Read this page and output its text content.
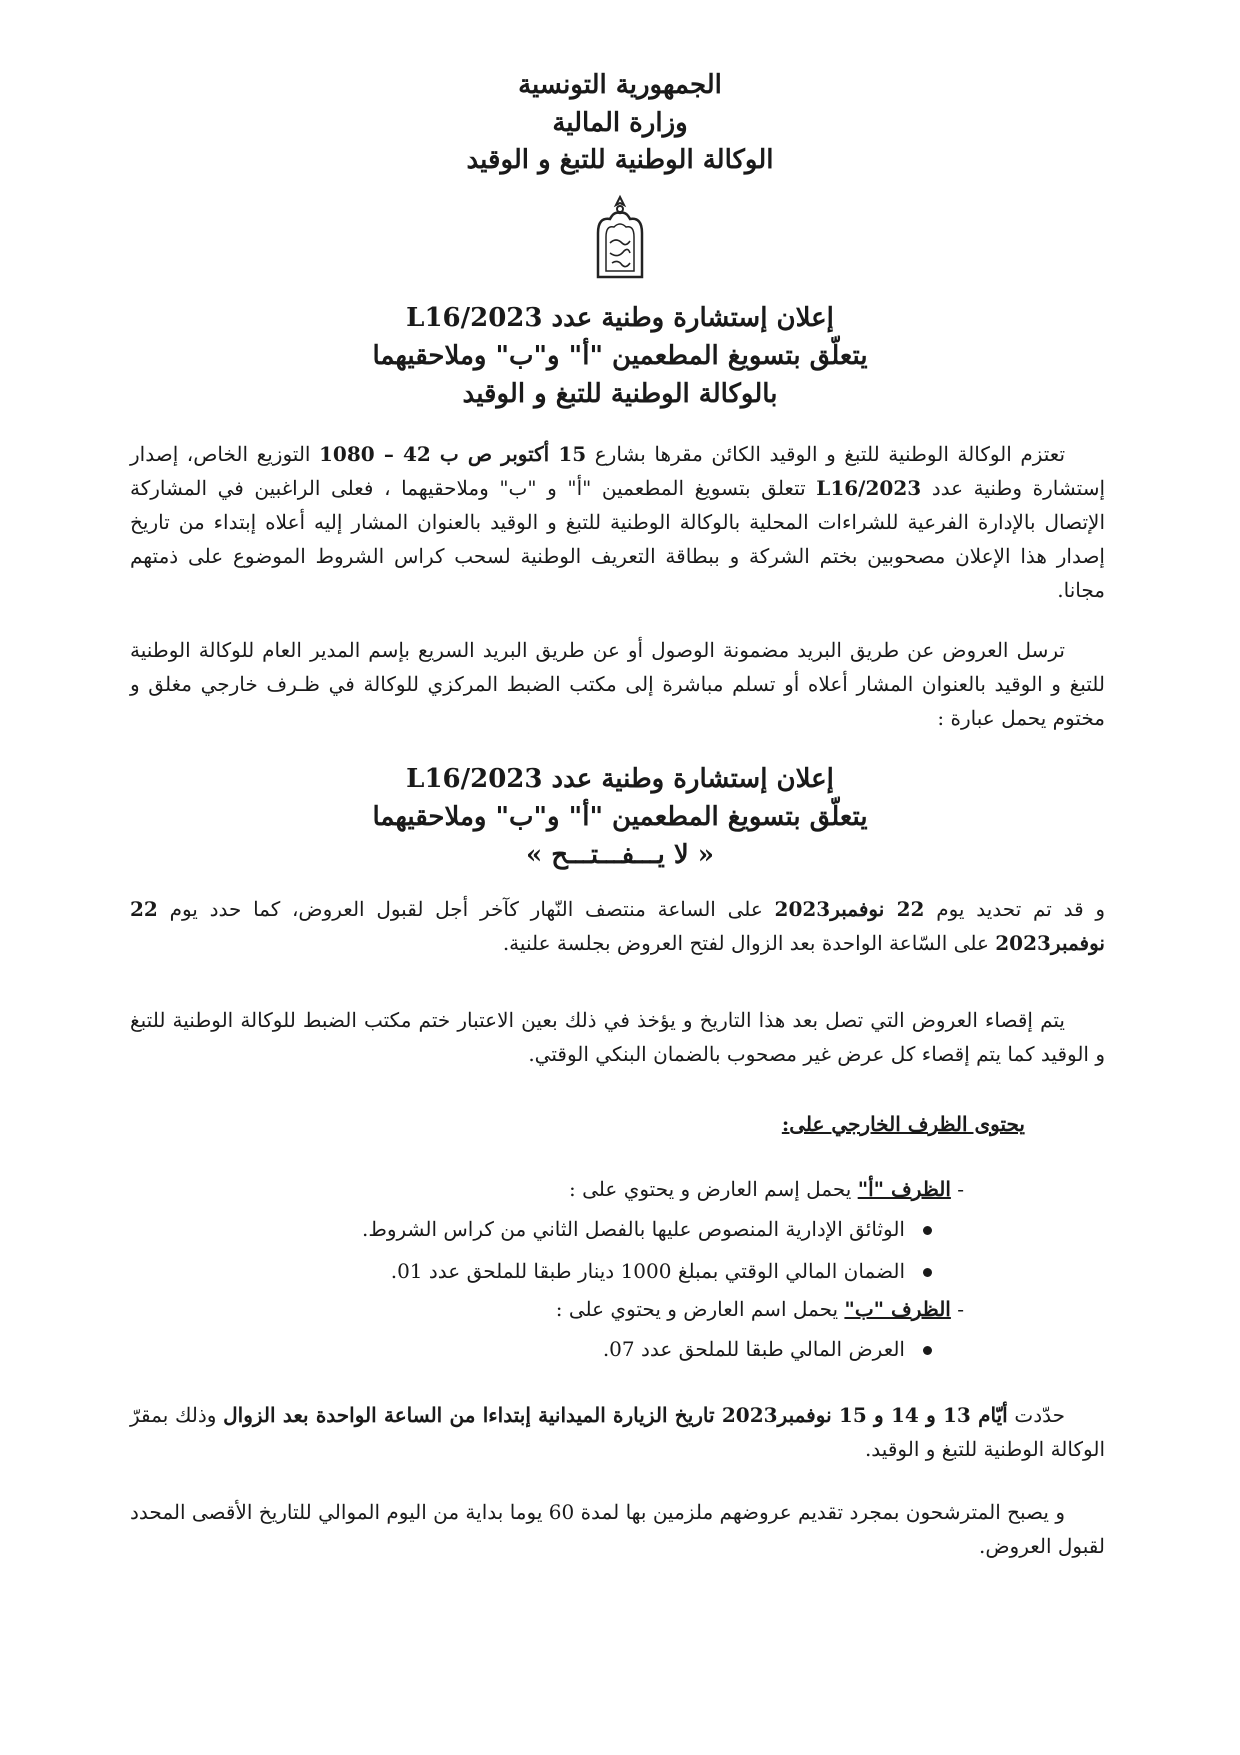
الجمهورية التونسية
وزارة المالية
الوكالة الوطنية للتبغ و الوقيد
إعلان إستشارة وطنية عدد 2023/L16
يتعلّق بتسويغ المطعمين "أ" و"ب" وملاحقيهما
بالوكالة الوطنية للتبغ و الوقيد
تعتزم الوكالة الوطنية للتبغ و الوقيد الكائن مقرها بشارع 15 أكتوبر ص ب 42 – 1080 التوزيع الخاص، إصدار إستشارة وطنية عدد 2023/L16 تتعلق بتسويغ المطعمين "أ" و "ب" وملاحقيهما ، فعلى الراغبين في المشاركة الإتصال بالإدارة الفرعية للشراءات المحلية بالوكالة الوطنية للتبغ و الوقيد بالعنوان المشار إليه أعلاه إبتداء من تاريخ إصدار هذا الإعلان مصحوبين بختم الشركة و ببطاقة التعريف الوطنية لسحب كراس الشروط الموضوع على ذمتهم مجانا.
ترسل العروض عن طريق البريد مضمونة الوصول أو عن طريق البريد السريع بإسم المدير العام للوكالة الوطنية للتبغ و الوقيد بالعنوان المشار أعلاه أو تسلم مباشرة إلى مكتب الضبط المركزي للوكالة في ظـرف خارجي مغلق و مختوم يحمل عبارة :
إعلان إستشارة وطنية عدد 2023/L16
يتعلّق بتسويغ المطعمين "أ" و"ب" وملاحقيهما
« لا يـــفـــتـــح »
و قد تم تحديد يوم 22 نوفمبر2023 على الساعة منتصف النّهار كآخر أجل لقبول العروض، كما حدد يوم 22 نوفمبر2023 على السّاعة الواحدة بعد الزوال لفتح العروض بجلسة علنية.
يتم إقصاء العروض التي تصل بعد هذا التاريخ و يؤخذ في ذلك بعين الاعتبار ختم مكتب الضبط للوكالة الوطنية للتبغ و الوقيد كما يتم إقصاء كل عرض غير مصحوب بالضمان البنكي الوقتي.
يحتوى الظرف الخارجي على:
- الظرف "أ" يحمل إسم العارض و يحتوي على :
الوثائق الإدارية المنصوص عليها بالفصل الثاني من كراس الشروط.
الضمان المالي الوقتي بمبلغ 1000 دينار طبقا للملحق عدد 01.
- الظرف "ب" يحمل اسم العارض و يحتوي على :
العرض المالي طبقا للملحق عدد 07.
حدّدت أيّام 13 و 14 و 15 نوفمبر2023 تاريخ الزيارة الميدانية إبتداءا من الساعة الواحدة بعد الزوال وذلك بمقرّ الوكالة الوطنية للتبغ و الوقيد.
و يصبح المترشحون بمجرد تقديم عروضهم ملزمين بها لمدة 60 يوما بداية من اليوم الموالي للتاريخ الأقصى المحدد لقبول العروض.
